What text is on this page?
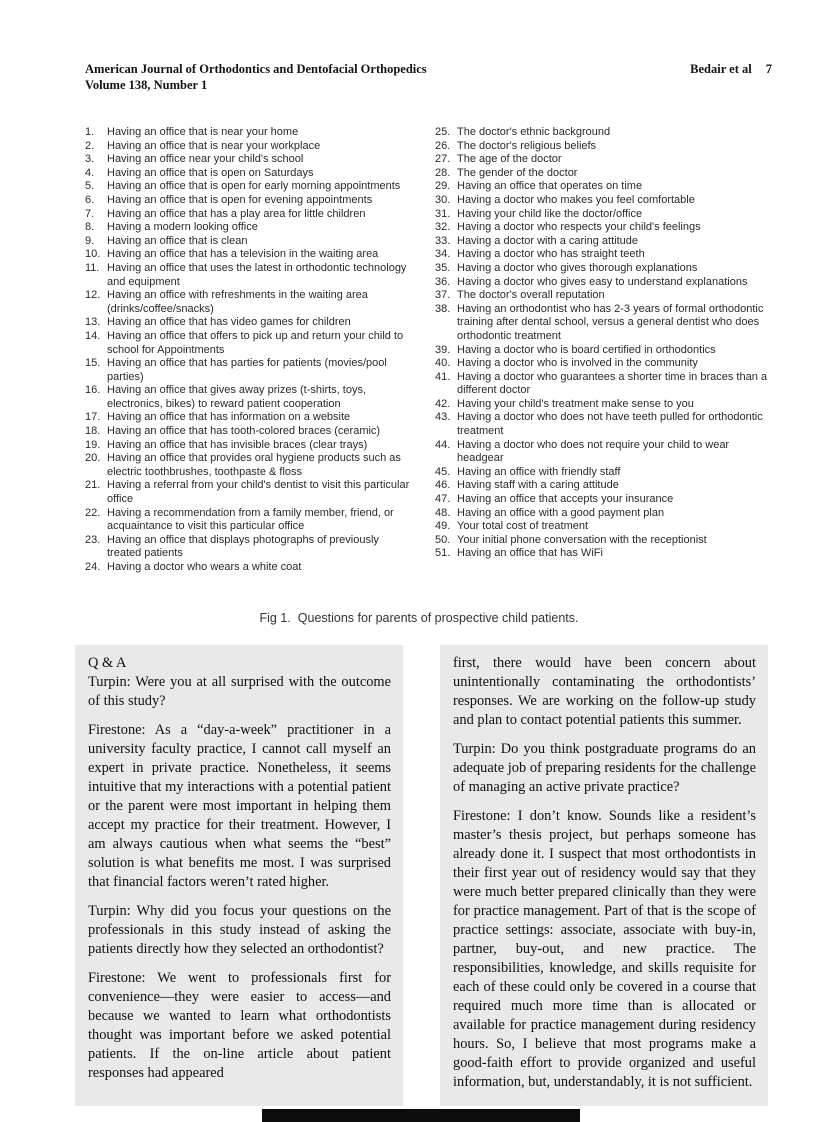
American Journal of Orthodontics and Dentofacial Orthopedics
Volume 138, Number 1
Bedair et al 7
1.	Having an office that is near your home
2.	Having an office that is near your workplace
3.	Having an office near your child's school
4.	Having an office that is open on Saturdays
5.	Having an office that is open for early morning appointments
6.	Having an office that is open for evening appointments
7.	Having an office that has a play area for little children
8.	Having a modern looking office
9.	Having an office that is clean
10. Having an office that has a television in the waiting area
11. Having an office that uses the latest in orthodontic technology and equipment
12. Having an office with refreshments in the waiting area (drinks/coffee/snacks)
13. Having an office that has video games for children
14. Having an office that offers to pick up and return your child to school for Appointments
15. Having an office that has parties for patients (movies/pool parties)
16. Having an office that gives away prizes (t-shirts, toys, electronics, bikes) to reward patient cooperation
17. Having an office that has information on a website
18. Having an office that has tooth-colored braces (ceramic)
19. Having an office that has invisible braces (clear trays)
20. Having an office that provides oral hygiene products such as electric toothbrushes, toothpaste & floss
21. Having a referral from your child's dentist to visit this particular office
22. Having a recommendation from a family member, friend, or acquaintance to visit this particular office
23. Having an office that displays photographs of previously treated patients
24. Having a doctor who wears a white coat
25. The doctor's ethnic background
26. The doctor's religious beliefs
27. The age of the doctor
28. The gender of the doctor
29. Having an office that operates on time
30. Having a doctor who makes you feel comfortable
31. Having your child like the doctor/office
32. Having a doctor who respects your child's feelings
33. Having a doctor with a caring attitude
34. Having a doctor who has straight teeth
35. Having a doctor who gives thorough explanations
36. Having a doctor who gives easy to understand explanations
37. The doctor's overall reputation
38. Having an orthodontist who has 2-3 years of formal orthodontic training after dental school, versus a general dentist who does orthodontic treatment
39. Having a doctor who is board certified in orthodontics
40. Having a doctor who is involved in the community
41. Having a doctor who guarantees a shorter time in braces than a different doctor
42. Having your child's treatment make sense to you
43. Having a doctor who does not have teeth pulled for orthodontic treatment
44. Having a doctor who does not require your child to wear headgear
45. Having an office with friendly staff
46. Having staff with a caring attitude
47. Having an office that accepts your insurance
48. Having an office with a good payment plan
49. Your total cost of treatment
50. Your initial phone conversation with the receptionist
51. Having an office that has WiFi

Fig 1. Questions for parents of prospective child patients.

Q & A

Turpin: Were you at all surprised with the outcome of this study?

Firestone: As a “day-a-week” practitioner in a university faculty practice, I cannot call myself an expert in private practice. Nonetheless, it seems intuitive that my interactions with a potential patient or the parent were most important in helping them accept my practice for their treatment. However, I am always cautious when what seems the “best” solution is what benefits me most. I was surprised that financial factors weren’t rated higher.

Turpin: Why did you focus your questions on the professionals in this study instead of asking the patients directly how they selected an orthodontist?

Firestone: We went to professionals first for convenience—they were easier to access—and because we wanted to learn what orthodontists thought was important before we asked potential patients. If the on-line article about patient responses had appeared

first, there would have been concern about unintentionally contaminating the orthodontists’ responses. We are working on the follow-up study and plan to contact potential patients this summer.

Turpin: Do you think postgraduate programs do an adequate job of preparing residents for the challenge of managing an active private practice?

Firestone: I don’t know. Sounds like a resident’s master’s thesis project, but perhaps someone has already done it. I suspect that most orthodontists in their first year out of residency would say that they were much better prepared clinically than they were for practice management. Part of that is the scope of practice settings: associate, associate with buy-in, partner, buy-out, and new practice. The responsibilities, knowledge, and skills requisite for each of these could only be covered in a course that required much more time than is allocated or available for practice management during residency hours. So, I believe that most programs make a good-faith effort to provide organized and useful information, but, understandably, it is not sufficient.
